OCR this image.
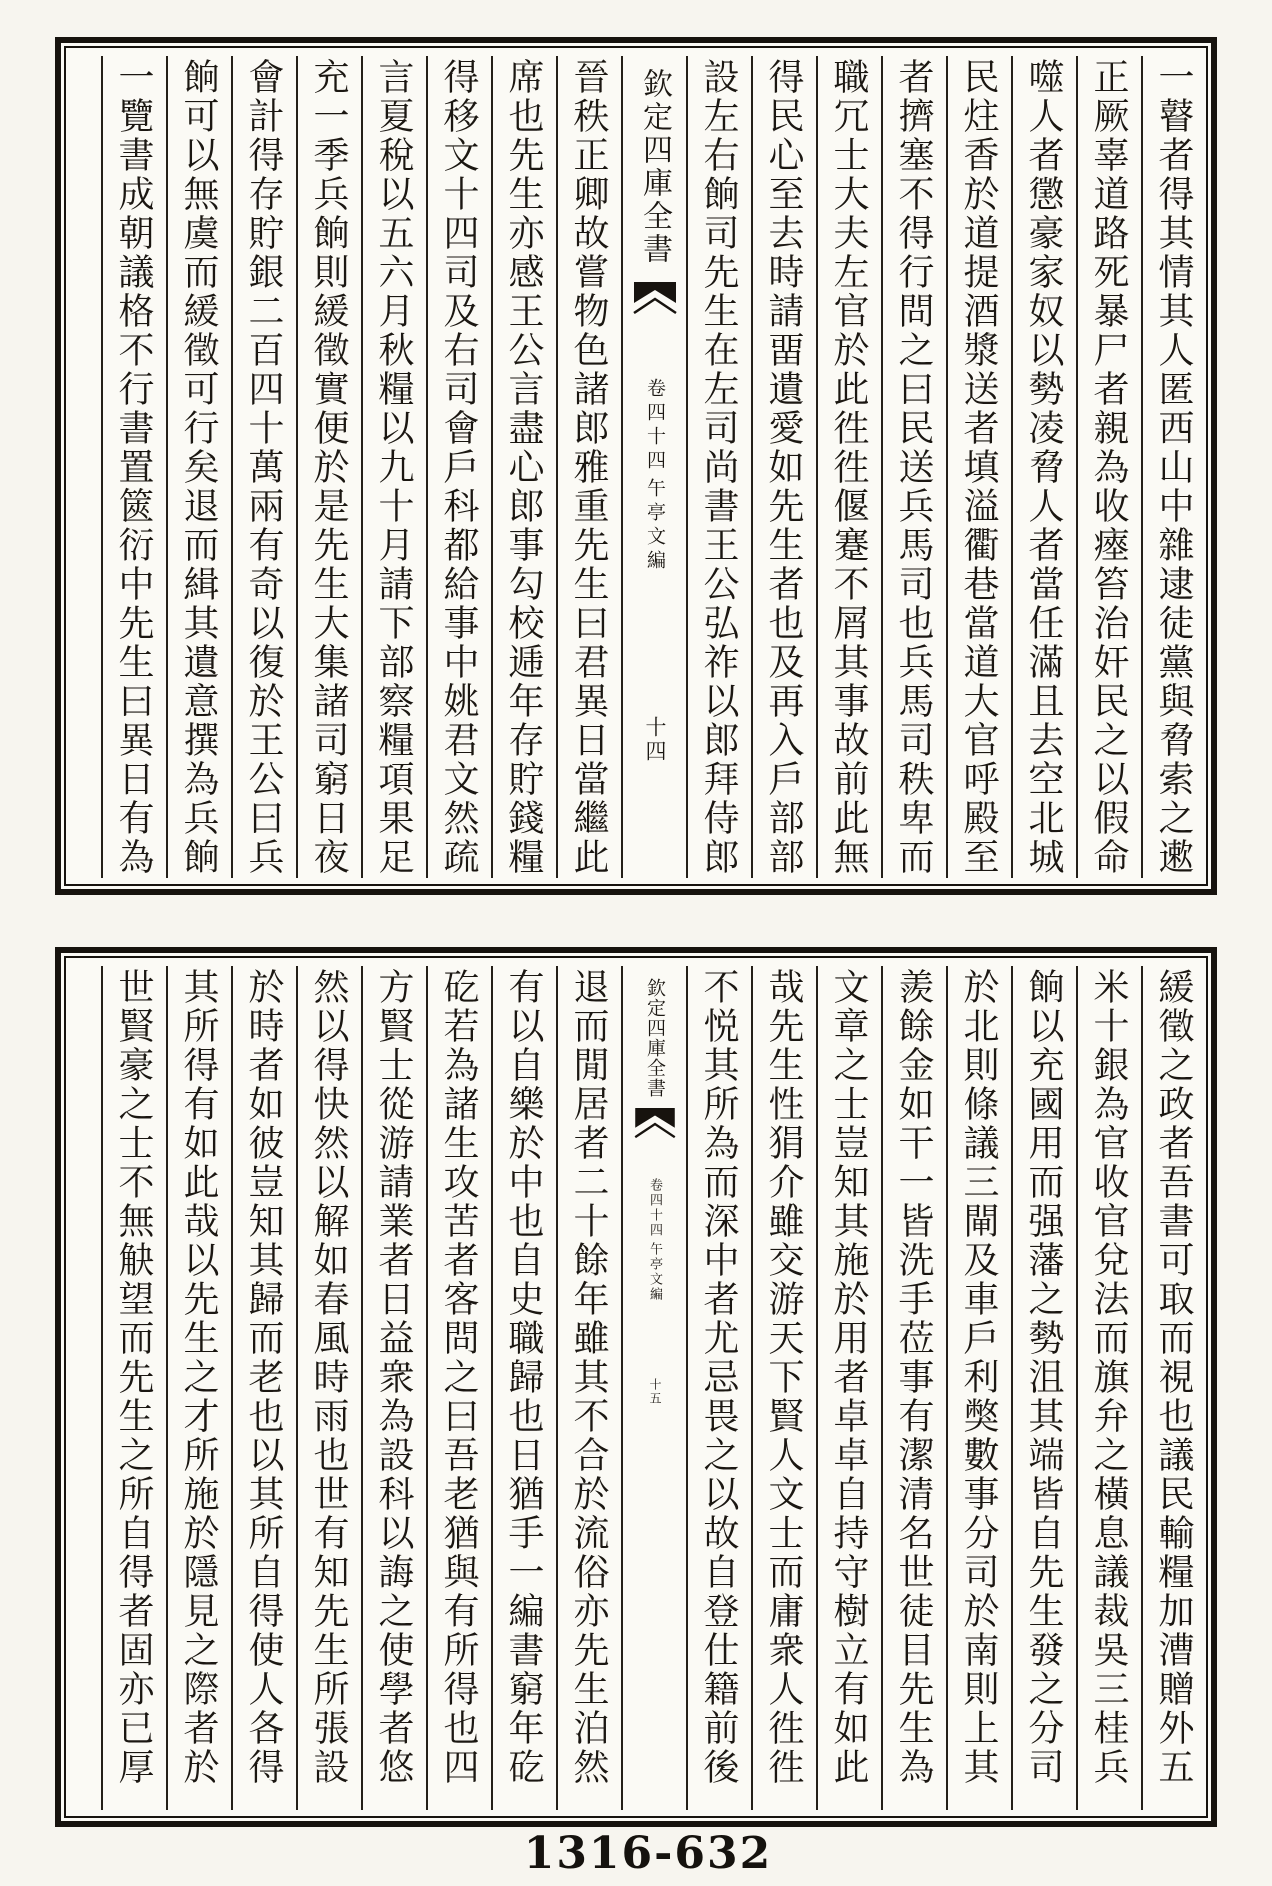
一瞽者得其情其人匿西山中雜逮徒黨與脅索之遬
正厥辜道路死暴尸者親為收瘞笞治奸民之以假命
噬人者懲豪家奴以勢凌脅人者當任滿且去空北城
民炷香於道提酒漿送者填溢衢巷當道大官呼殿至
者擠塞不得行問之曰民送兵馬司也兵馬司秩卑而
職冗士大夫左官於此徃徃偃蹇不屑其事故前此無
得民心至去時請畱遺愛如先生者也及再入戶部部
設左右餉司先生在左司尚書王公弘祚以郎拜侍郎
欽定四庫全書
午亭文編
卷四十四
十四
晉秩正卿故嘗物色諸郎雅重先生曰君異日當繼此
席也先生亦感王公言盡心郎事勾校逓年存貯錢糧
得移文十四司及右司會戶科都給事中姚君文然疏
言夏稅以五六月秋糧以九十月請下部察糧項果足
充一季兵餉則緩徵實便於是先生大集諸司窮日夜
會計得存貯銀二百四十萬兩有奇以復於王公曰兵
餉可以無虞而緩徵可行矣退而緝其遺意撰為兵餉
一覽書成朝議格不行書置篋衍中先生曰異日有為
緩徵之政者吾書可取而視也議民輸糧加漕贈外五
米十銀為官收官兌法而旗弁之橫息議裁吳三桂兵
餉以充國用而强藩之勢沮其端皆自先生發之分司
於北則條議三閘及車戶利獘數事分司於南則上其
羨餘金如干一皆洗手莅事有潔清名世徒目先生為
文章之士豈知其施於用者卓卓自持守樹立有如此
哉先生性狷介雖交游天下賢人文士而庸衆人徃徃
不悦其所為而深中者尤忌畏之以故自登仕籍前後
欽定四庫全書
午亭文編
卷四十四
十五
退而閒居者二十餘年雖其不合於流俗亦先生泊然
有以自樂於中也自史職歸也日猶手一編書窮年矻
矻若為諸生攻苦者客問之曰吾老猶與有所得也四
方賢士從游請業者日益衆為設科以誨之使學者悠
然以得快然以解如春風時雨也世有知先生所張設
於時者如彼豈知其歸而老也以其所自得使人各得
其所得有如此哉以先生之才所施於隱見之際者於
世賢豪之士不無觖望而先生之所自得者固亦已厚
1316-632
